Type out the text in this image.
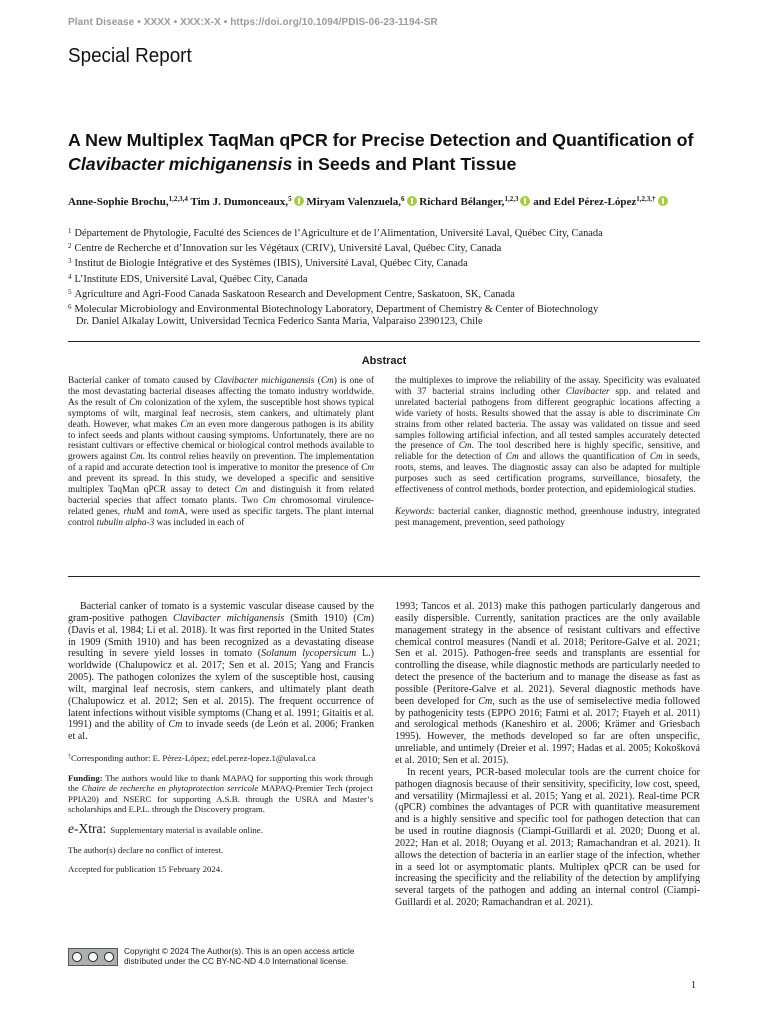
Plant Disease • XXXX • XXX:X-X • https://doi.org/10.1094/PDIS-06-23-1194-SR
Special Report
A New Multiplex TaqMan qPCR for Precise Detection and Quantification of
Clavibacter michiganensis in Seeds and Plant Tissue
Anne-Sophie Brochu,$^{1,2,3,4}$ Tim J. Dumonceaux,$^5$ Miryam Valenzuela,$^6$ Richard Bélanger,$^{1,2,3}$ and Edel Pérez-López$^{1,2,3,\dagger}$
$^1$ Département de Phytologie, Faculté des Sciences de l’Agriculture et de l’Alimentation, Université Laval, Québec City, Canada
$^2$ Centre de Recherche et d’Innovation sur les Végétaux (CRIV), Université Laval, Québec City, Canada
$^3$ Institut de Biologie Intégrative et des Systèmes (IBIS), Université Laval, Québec City, Canada
$^4$ L’Institute EDS, Université Laval, Québec City, Canada
$^5$ Agriculture and Agri-Food Canada Saskatoon Research and Development Centre, Saskatoon, SK, Canada
$^6$ Molecular Microbiology and Environmental Biotechnology Laboratory, Department of Chemistry & Center of Biotechnology
Dr. Daniel Alkalay Lowitt, Universidad Tecnica Federico Santa Maria, Valparaiso 2390123, Chile
Abstract

Bacterial canker of tomato caused by Clavibacter michiganensis (Cm) is one of the most devastating bacterial diseases affecting the tomato industry worldwide. As the result of Cm colonization of the xylem, the susceptible host shows typical symptoms of wilt, marginal leaf necrosis, stem cankers, and ultimately plant death. However, what makes Cm an even more dangerous pathogen is its ability to infect seeds and plants without causing symptoms. Unfortunately, there are no resistant cultivars or effective chemical or biological control methods available to growers against Cm. Its control relies heavily on prevention. The implementation of a rapid and accurate detection tool is imperative to monitor the presence of Cm and prevent its spread. In this study, we developed a specific and sensitive multiplex TaqMan qPCR assay to detect Cm and distinguish it from related bacterial species that affect tomato plants. Two Cm chromosomal virulence-related genes, rhuM and tomA, were used as specific targets. The plant internal control tubulin alpha-3 was included in each of

the multiplexes to improve the reliability of the assay. Specificity was evaluated with 37 bacterial strains including other Clavibacter spp. and related and unrelated bacterial pathogens from different geographic locations affecting a wide variety of hosts. Results showed that the assay is able to discriminate Cm strains from other related bacteria. The assay was validated on tissue and seed samples following artificial infection, and all tested samples accurately detected the presence of Cm. The tool described here is highly specific, sensitive, and reliable for the detection of Cm and allows the quantification of Cm in seeds, roots, stems, and leaves. The diagnostic assay can also be adapted for multiple purposes such as seed certification programs, surveillance, biosafety, the effectiveness of control methods, border protection, and epidemiological studies.

Keywords: bacterial canker, diagnostic method, greenhouse industry, integrated pest management, prevention, seed pathology

Bacterial canker of tomato is a systemic vascular disease caused by the gram-positive pathogen Clavibacter michiganensis (Smith 1910) (Cm) (Davis et al. 1984; Li et al. 2018). It was first reported in the United States in 1909 (Smith 1910) and has been recognized as a devastating disease resulting in severe yield losses in tomato (Solanum lycopersicum L.) worldwide (Chalupowicz et al. 2017; Sen et al. 2015; Yang and Francis 2005). The pathogen colonizes the xylem of the susceptible host, causing wilt, marginal leaf necrosis, stem cankers, and ultimately plant death (Chalupowicz et al. 2012; Sen et al. 2015). The frequent occurrence of latent infections without visible symptoms (Chang et al. 1991; Gitaitis et al. 1991) and the ability of Cm to invade seeds (de León et al. 2006; Franken et al.

1993; Tancos et al. 2013) make this pathogen particularly dangerous and easily dispersible. Currently, sanitation practices are the only available management strategy in the absence of resistant cultivars and effective chemical control measures (Nandi et al. 2018; Peritore-Galve et al. 2021; Sen et al. 2015). Pathogen-free seeds and transplants are essential for controlling the disease, while diagnostic methods are particularly needed to detect the presence of the bacterium and to manage the disease as fast as possible (Peritore-Galve et al. 2021). Several diagnostic methods have been developed for Cm, such as the use of semiselective media followed by pathogenicity tests (EPPO 2016; Fatmi et al. 2017; Ftayeh et al. 2011) and serological methods (Kaneshiro et al. 2006; Krämer and Griesbach 1995). However, the methods developed so far are often unspecific, unreliable, and untimely (Dreier et al. 1997; Hadas et al. 2005; Kokošková et al. 2010; Sen et al. 2015).

In recent years, PCR-based molecular tools are the current choice for pathogen diagnosis because of their sensitivity, specificity, low cost, speed, and versatility (Mirmajlessi et al. 2015; Yang et al. 2021). Real-time PCR (qPCR) combines the advantages of PCR with quantitative measurement and is a highly sensitive and specific tool for pathogen detection that can be used in routine diagnosis (Ciampi-Guillardi et al. 2020; Duong et al. 2022; Han et al. 2018; Ouyang et al. 2013; Ramachandran et al. 2021). It allows the detection of bacteria in an earlier stage of the infection, whether in a seed lot or asymptomatic plants. Multiplex qPCR can be used for increasing the specificity and the reliability of the detection by amplifying several targets of the pathogen and adding an internal control (Ciampi-Guillardi et al. 2020; Ramachandran et al. 2021).

†Corresponding author: E. Pérez-López; edel.perez-lopez.1@ulaval.ca

Funding: The authors would like to thank MAPAQ for supporting this work through the Chaire de recherche en phytoprotection serricole MAPAQ-Premier Tech (project PPIA20) and NSERC for supporting A.S.B. through the USRA and Master’s scholarships and E.P.L. through the Discovery program.

e-Xtra: Supplementary material is available online.

The author(s) declare no conflict of interest.

Accepted for publication 15 February 2024.

Copyright © 2024 The Author(s). This is an open access article distributed under the CC BY-NC-ND 4.0 International license.
1
